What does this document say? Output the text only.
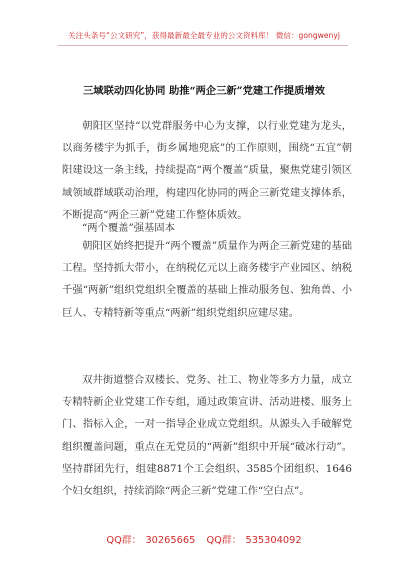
关注头条号“公文研究”，获得最新最全最专业的公文资料库！ 微信：gongwenyj
三域联动四化协同 助推“两企三新”党建工作提质增效

朝阳区坚持“以党群服务中心为支撑，以行业党建为龙头，以商务楼宇为抓手，街乡属地兜底”的工作原则，围绕“五宜”朝阳建设这一条主线，持续提高“两个覆盖”质量，聚焦党建引领区域领域群域联动治理，构建四化协同的两企三新党建支撑体系，不断提高“两企三新”党建工作整体质效。

“两个覆盖”强基固本

朝阳区始终把提升“两个覆盖”质量作为两企三新党建的基础工程。坚持抓大带小，在纳税亿元以上商务楼宇产业园区、纳税千强“两新”组织党组织全覆盖的基础上推动服务包、独角兽、小巨人、专精特新等重点“两新”组织党组织应建尽建。

双井街道整合双楼长、党务、社工、物业等多方力量，成立专精特新企业党建工作专组，通过政策宣讲、活动进楼、服务上门、指标入企，一对一指导企业成立党组织。从源头入手破解党组织覆盖问题，重点在无党员的“两新”组织中开展“破冰行动”。坚持群团先行，组建8871个工会组织、3585个团组织、1646个妇女组织，持续消除“两企三新”党建工作“空白点”。

QQ群： 30265665 QQ群： 535304092
